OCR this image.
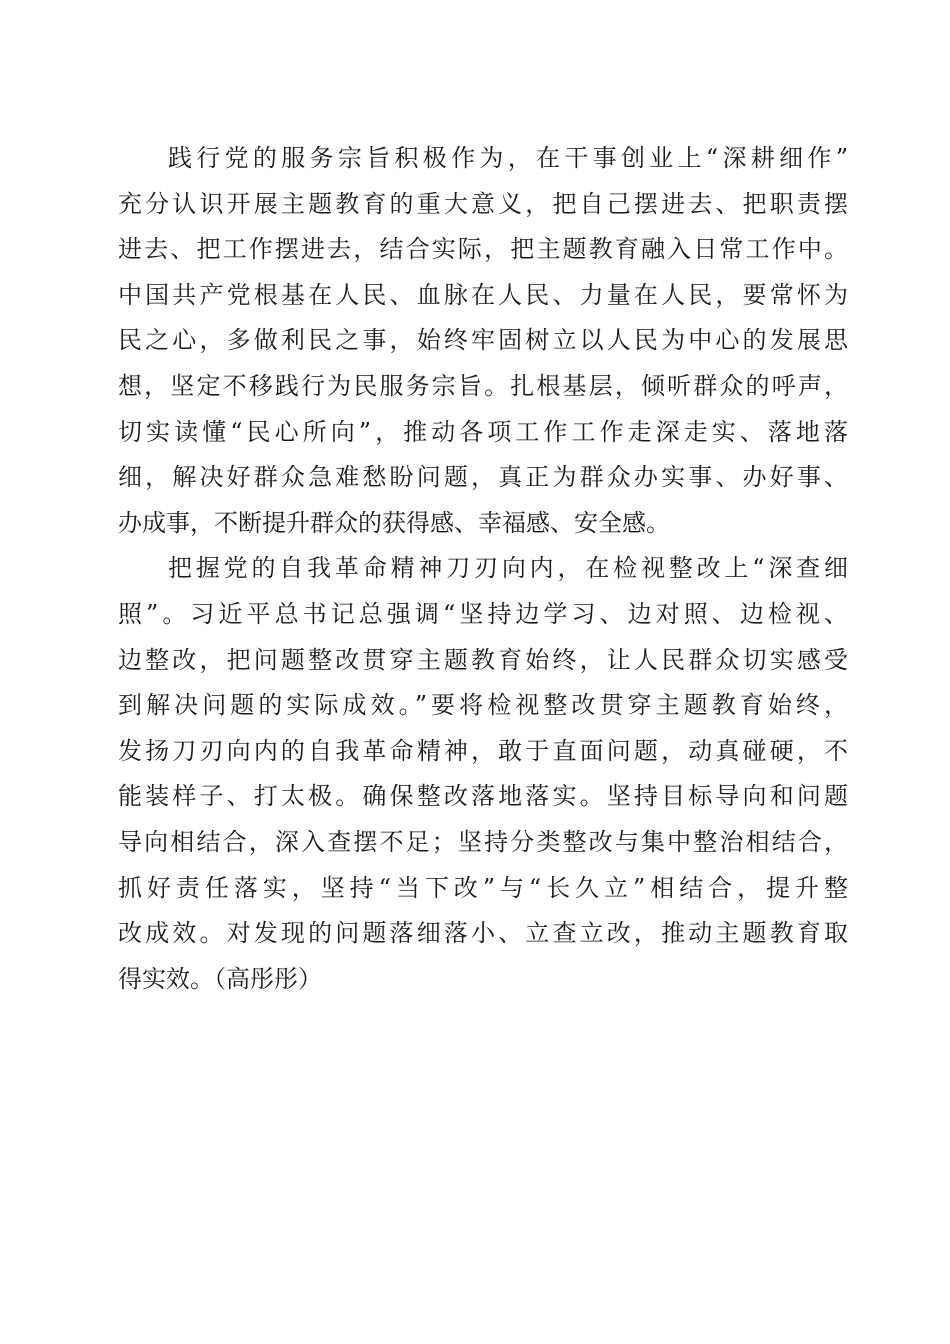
践行党的服务宗旨积极作为，在干事创业上“深耕细作”
充分认识开展主题教育的重大意义，把自己摆进去、把职责摆
进去、把工作摆进去，结合实际，把主题教育融入日常工作中。
中国共产党根基在人民、血脉在人民、力量在人民，要常怀为
民之心，多做利民之事，始终牢固树立以人民为中心的发展思
想，坚定不移践行为民服务宗旨。扎根基层，倾听群众的呼声，
切实读懂“民心所向”，推动各项工作工作走深走实、落地落
细，解决好群众急难愁盼问题，真正为群众办实事、办好事、
办成事，不断提升群众的获得感、幸福感、安全感。
把握党的自我革命精神刀刃向内，在检视整改上“深查细
照”。习近平总书记总强调“坚持边学习、边对照、边检视、
边整改，把问题整改贯穿主题教育始终，让人民群众切实感受
到解决问题的实际成效。”要将检视整改贯穿主题教育始终，
发扬刀刃向内的自我革命精神，敢于直面问题，动真碰硬，不
能装样子、打太极。确保整改落地落实。坚持目标导向和问题
导向相结合，深入查摆不足；坚持分类整改与集中整治相结合，
抓好责任落实，坚持“当下改”与“长久立”相结合，提升整
改成效。对发现的问题落细落小、立查立改，推动主题教育取
得实效。（高彤彤）
